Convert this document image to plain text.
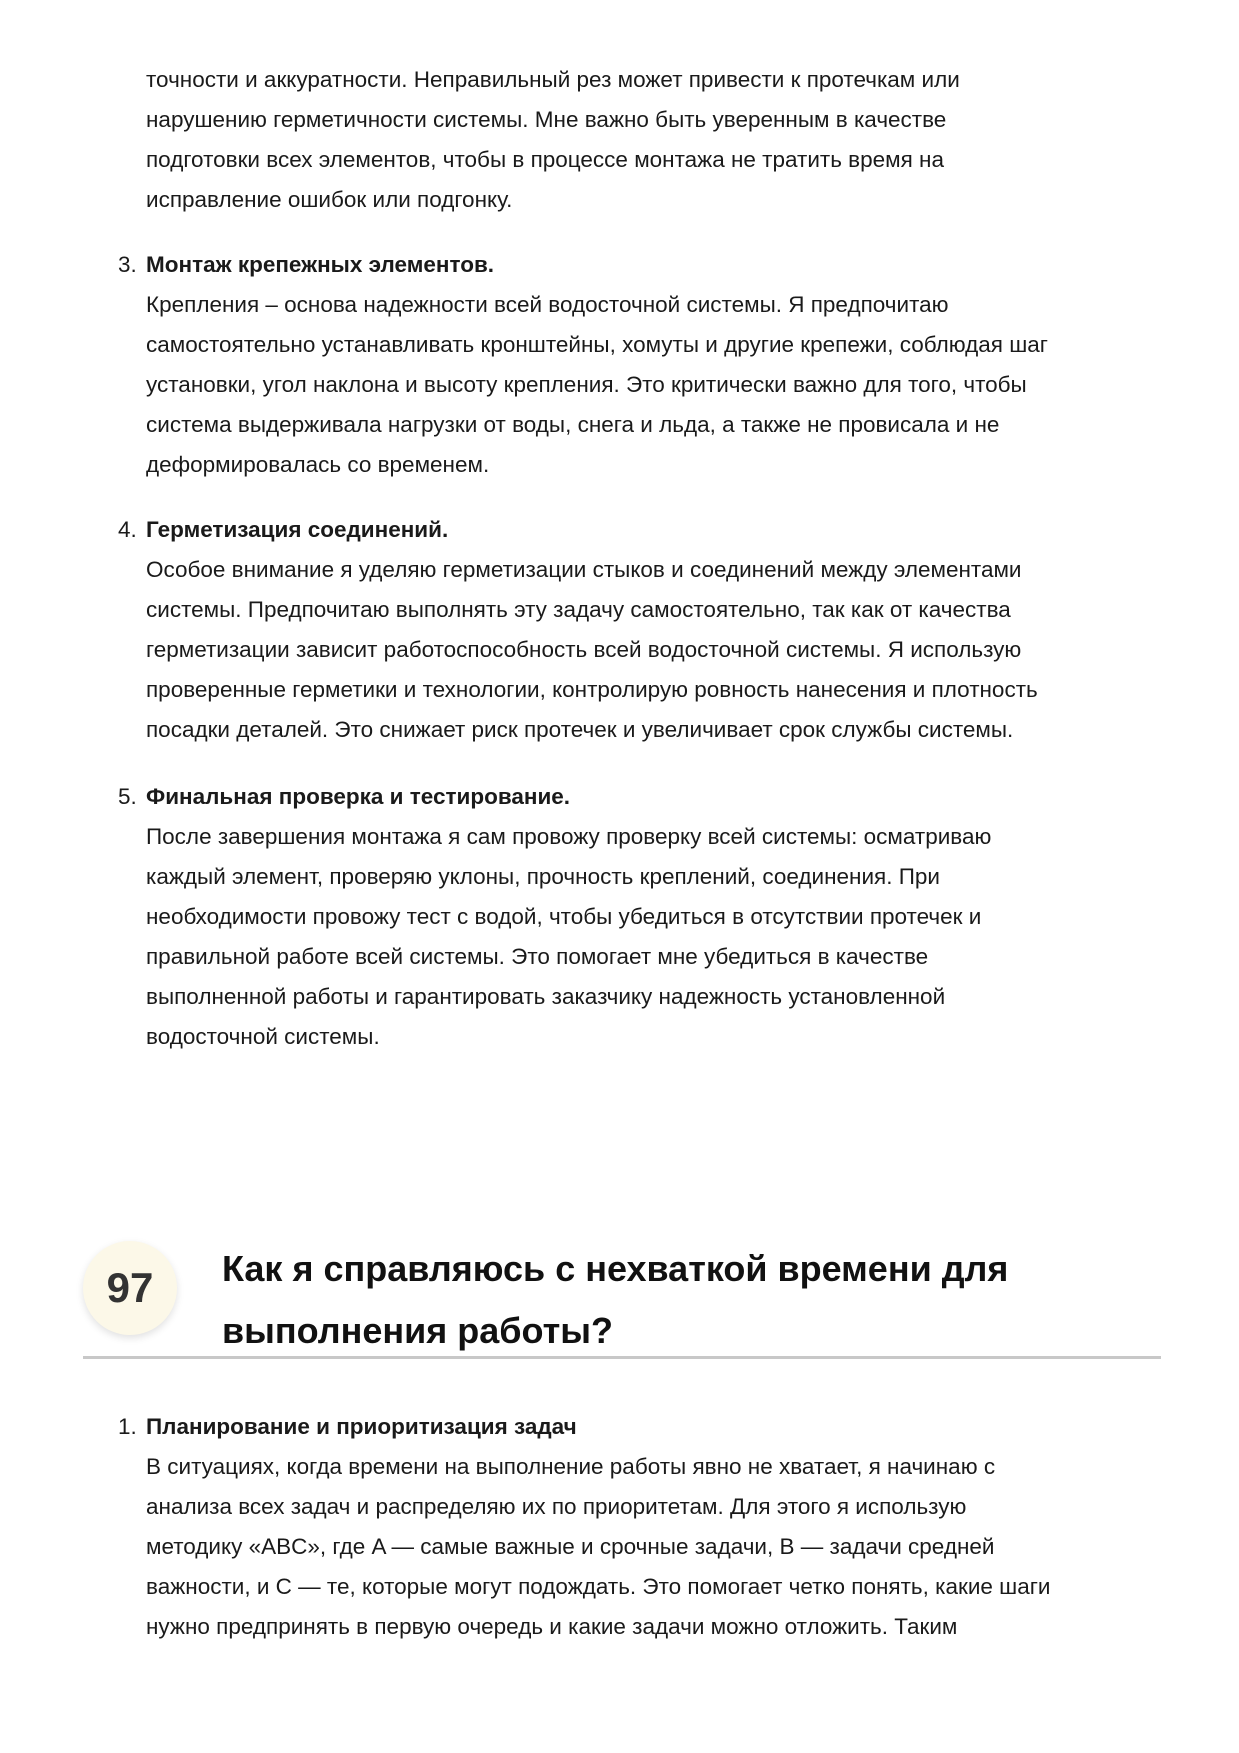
точности и аккуратности. Неправильный рез может привести к протечкам или
нарушению герметичности системы. Мне важно быть уверенным в качестве
подготовки всех элементов, чтобы в процессе монтажа не тратить время на
исправление ошибок или подгонку.
3. Монтаж крепежных элементов.
Крепления – основа надежности всей водосточной системы. Я предпочитаю
самостоятельно устанавливать кронштейны, хомуты и другие крепежи, соблюдая шаг
установки, угол наклона и высоту крепления. Это критически важно для того, чтобы
система выдерживала нагрузки от воды, снега и льда, а также не провисала и не
деформировалась со временем.
4. Герметизация соединений.
Особое внимание я уделяю герметизации стыков и соединений между элементами
системы. Предпочитаю выполнять эту задачу самостоятельно, так как от качества
герметизации зависит работоспособность всей водосточной системы. Я использую
проверенные герметики и технологии, контролирую ровность нанесения и плотность
посадки деталей. Это снижает риск протечек и увеличивает срок службы системы.
5. Финальная проверка и тестирование.
После завершения монтажа я сам провожу проверку всей системы: осматриваю
каждый элемент, проверяю уклоны, прочность креплений, соединения. При
необходимости провожу тест с водой, чтобы убедиться в отсутствии протечек и
правильной работе всей системы. Это помогает мне убедиться в качестве
выполненной работы и гарантировать заказчику надежность установленной
водосточной системы.
97	Как я справляюсь с нехваткой времени для
выполнения работы?
1. Планирование и приоритизация задач
В ситуациях, когда времени на выполнение работы явно не хватает, я начинаю с
анализа всех задач и распределяю их по приоритетам. Для этого я использую
методику «ABC», где A — самые важные и срочные задачи, B — задачи средней
важности, и C — те, которые могут подождать. Это помогает четко понять, какие шаги
нужно предпринять в первую очередь и какие задачи можно отложить. Таким
